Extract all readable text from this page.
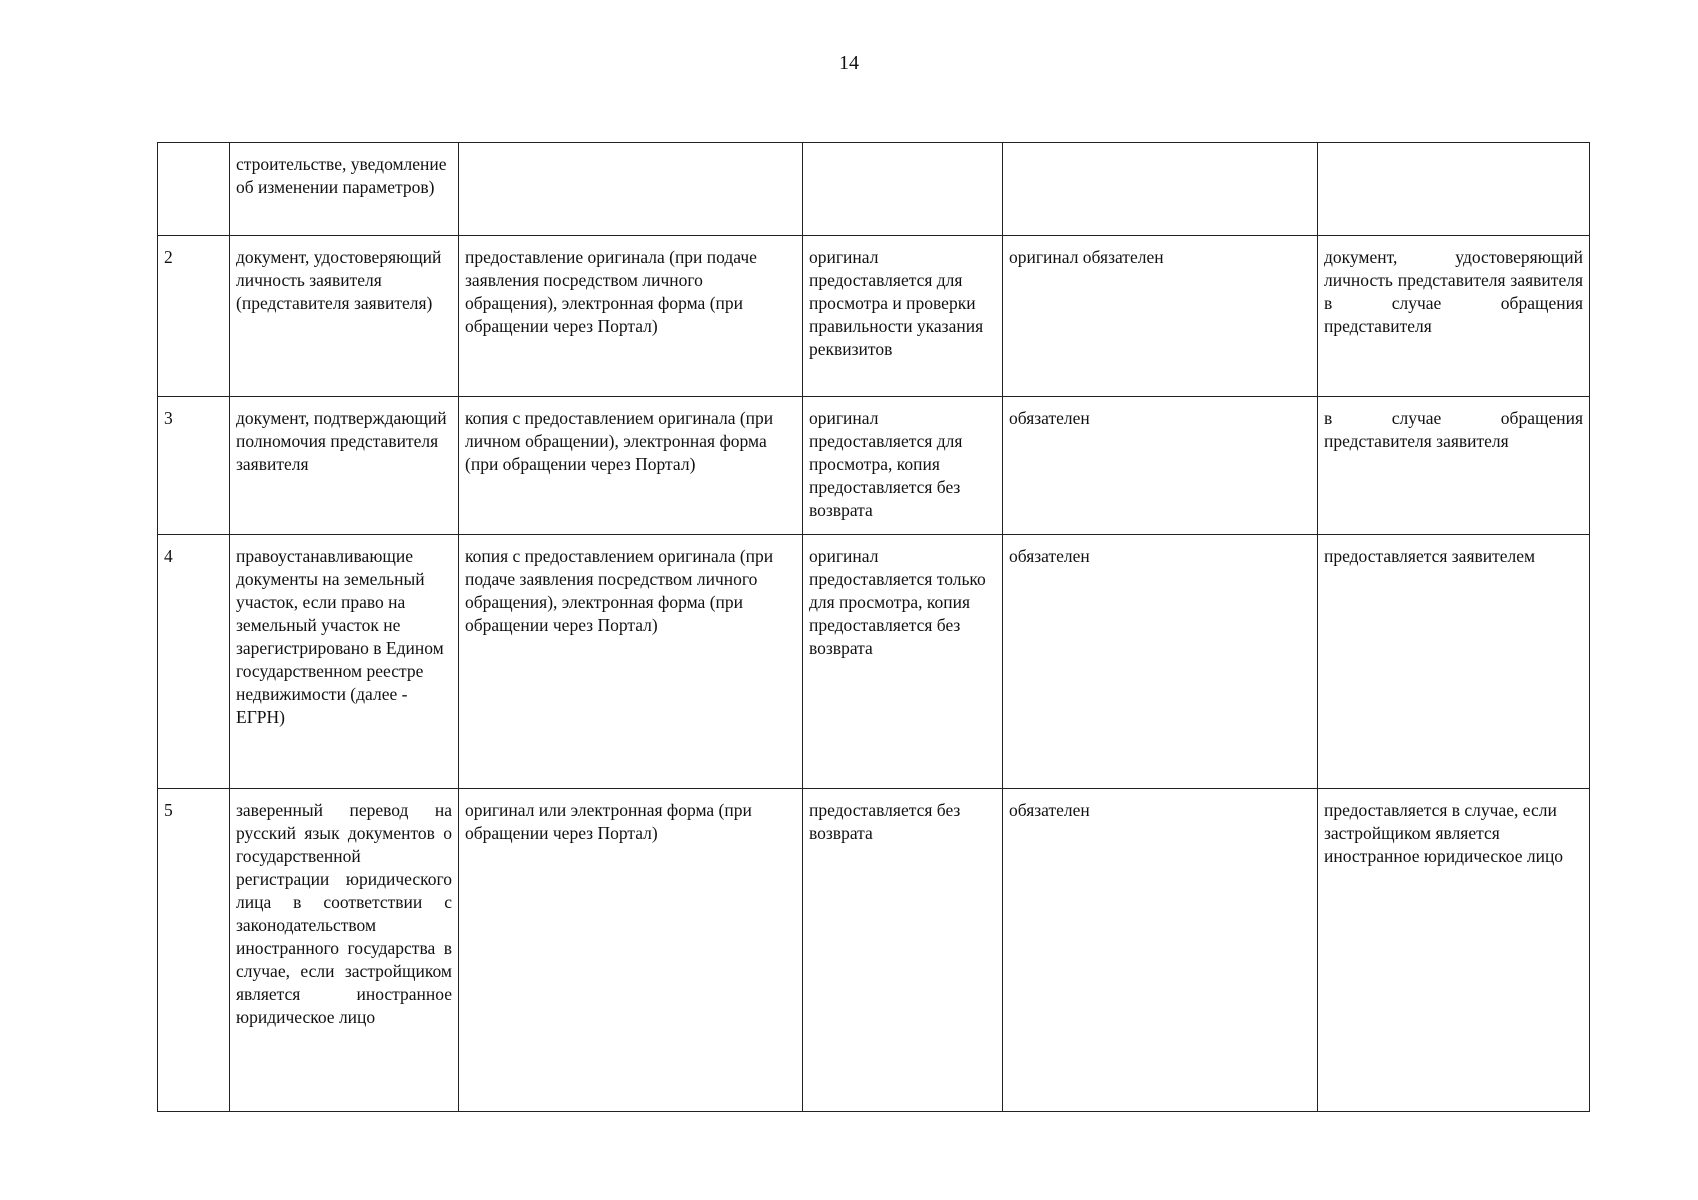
14
	строительстве, уведомление об изменении параметров)				
2	документ, удостоверяющий личность заявителя (представителя заявителя)	предоставление оригинала (при подаче заявления посредством личного обращения), электронная форма (при обращении через Портал)	оригинал предоставляется для просмотра и проверки правильности указания реквизитов	оригинал обязателен	документ, удостоверяющий личность представителя заявителя в случае обращения представителя
3	документ, подтверждающий полномочия представителя заявителя	копия с предоставлением оригинала (при личном обращении), электронная форма (при обращении через Портал)	оригинал предоставляется для просмотра, копия предоставляется без возврата	обязателен	в случае обращения представителя заявителя
4	правоустанавливающие документы на земельный участок, если право на земельный участок не зарегистрировано в Едином государственном реестре недвижимости (далее - ЕГРН)	копия с предоставлением оригинала (при подаче заявления посредством личного обращения), электронная форма (при обращении через Портал)	оригинал предоставляется только для просмотра, копия предоставляется без возврата	обязателен	предоставляется заявителем
5	заверенный перевод на русский язык документов о государственной регистрации юридического лица в соответствии с законодательством иностранного государства в случае, если застройщиком является иностранное юридическое лицо	оригинал или электронная форма (при обращении через Портал)	предоставляется без возврата	обязателен	предоставляется в случае, если застройщиком является иностранное юридическое лицо
